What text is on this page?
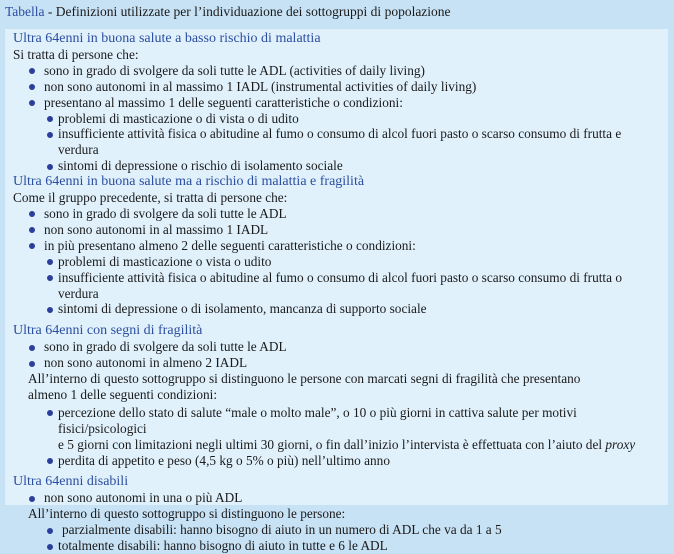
Tabella - Definizioni utilizzate per l’individuazione dei sottogruppi di popolazione
Ultra 64enni in buona salute a basso rischio di malattia
Si tratta di persone che:
sono in grado di svolgere da soli tutte le ADL (activities of daily living)
non sono autonomi in al massimo 1 IADL (instrumental activities of daily living)
presentano al massimo 1 delle seguenti caratteristiche o condizioni:
problemi di masticazione o di vista o di udito
insufficiente attività fisica o abitudine al fumo o consumo di alcol fuori pasto o scarso consumo di frutta e verdura
sintomi di depressione o rischio di isolamento sociale
Ultra 64enni in buona salute ma a rischio di malattia e fragilità
Come il gruppo precedente, si tratta di persone che:
sono in grado di svolgere da soli tutte le ADL
non sono autonomi in al massimo 1 IADL
in più presentano almeno 2 delle seguenti caratteristiche o condizioni:
problemi di masticazione o vista o udito
insufficiente attività fisica o abitudine al fumo o consumo di alcol fuori pasto o scarso consumo di frutta o verdura
sintomi di depressione o di isolamento, mancanza di supporto sociale
Ultra 64enni con segni di fragilità
sono in grado di svolgere da soli tutte le ADL
non sono autonomi in almeno 2 IADL
All’interno di questo sottogruppo si distinguono le persone con marcati segni di fragilità che presentano
almeno 1 delle seguenti condizioni:
percezione dello stato di salute “male o molto male”, o 10 o più giorni in cattiva salute per motivi fisici/psicologici
e 5 giorni con limitazioni negli ultimi 30 giorni, o fin dall’inizio l’intervista è effettuata con l’aiuto del proxy
perdita di appetito e peso (4,5 kg o 5% o più) nell’ultimo anno
Ultra 64enni disabili
non sono autonomi in una o più ADL
All’interno di questo sottogruppo si distinguono le persone:
parzialmente disabili: hanno bisogno di aiuto in un numero di ADL che va da 1 a 5
totalmente disabili: hanno bisogno di aiuto in tutte e 6 le ADL
